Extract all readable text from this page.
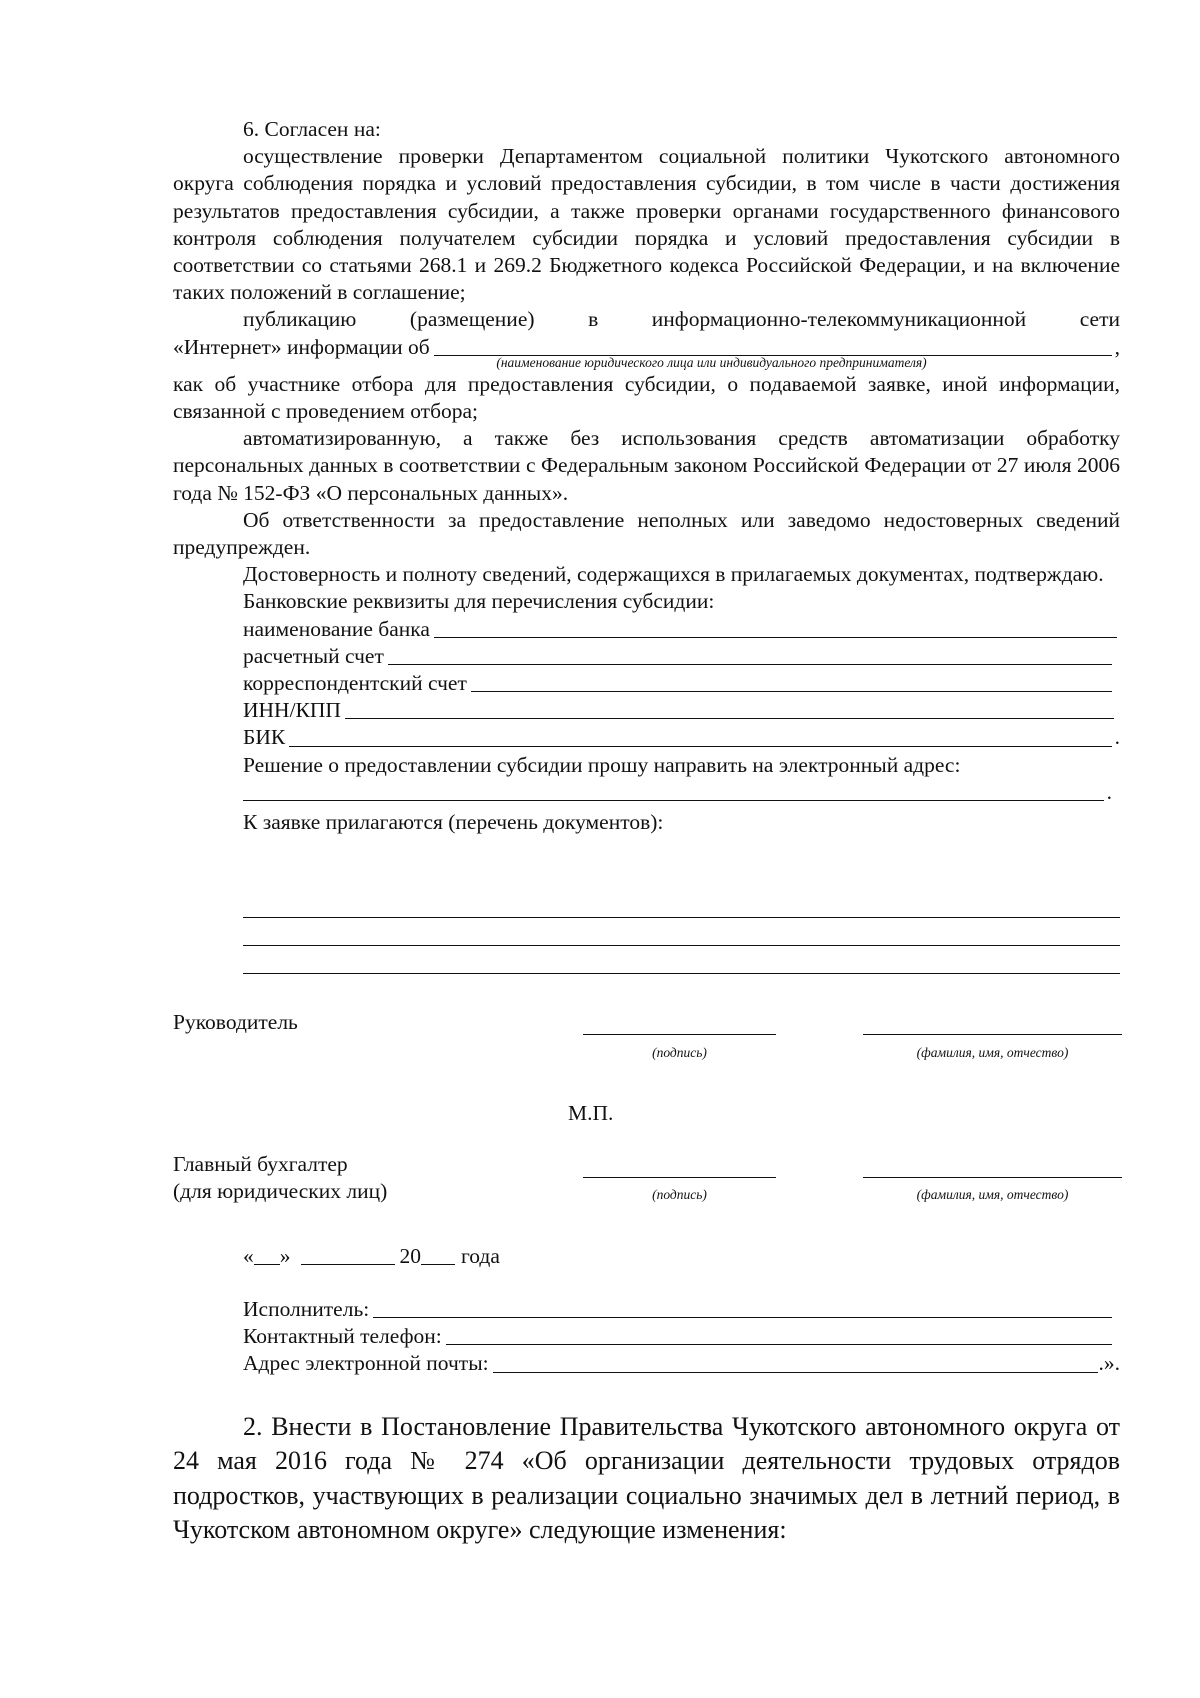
6. Согласен на:

осуществление проверки Департаментом социальной политики Чукотского автономного округа соблюдения порядка и условий предоставления субсидии, в том числе в части достижения результатов предоставления субсидии, а также проверки органами государственного финансового контроля соблюдения получателем субсидии порядка и условий предоставления субсидии в соответствии со статьями 268.1 и 269.2 Бюджетного кодекса Российской Федерации, и на включение таких положений в соглашение;

публикацию (размещение) в информационно-телекоммуникационной сети

«Интернет» информации об	,
(наименование юридического лица или индивидуального предпринимателя)

как об участнике отбора для предоставления субсидии, о подаваемой заявке, иной информации, связанной с проведением отбора;

автоматизированную, а также без использования средств автоматизации обработку персональных данных в соответствии с Федеральным законом Российской Федерации от 27 июля 2006 года № 152-ФЗ «О персональных данных».

Об ответственности за предоставление неполных или заведомо недостоверных сведений предупрежден.

Достоверность и полноту сведений, содержащихся в прилагаемых документах, подтверждаю.

Банковские реквизиты для перечисления субсидии:
наименование банка
расчетный счет
корреспондентский счет
ИНН/КПП
БИК	.
Решение о предоставлении субсидии прошу направить на электронный адрес:
.
К заявке прилагаются (перечень документов):
Руководитель
(подпись)	(фамилия, имя, отчество)
М.П.
Главный бухгалтер
(для юридических лиц)	(подпись)	(фамилия, имя, отчество)
« »	20 года
Исполнитель:
Контактный телефон:
Адрес электронной почты:	.».

2. Внести в Постановление Правительства Чукотского автономного округа от 24 мая 2016 года № 274 «Об организации деятельности трудовых отрядов подростков, участвующих в реализации социально значимых дел в летний период, в Чукотском автономном округе» следующие изменения:
